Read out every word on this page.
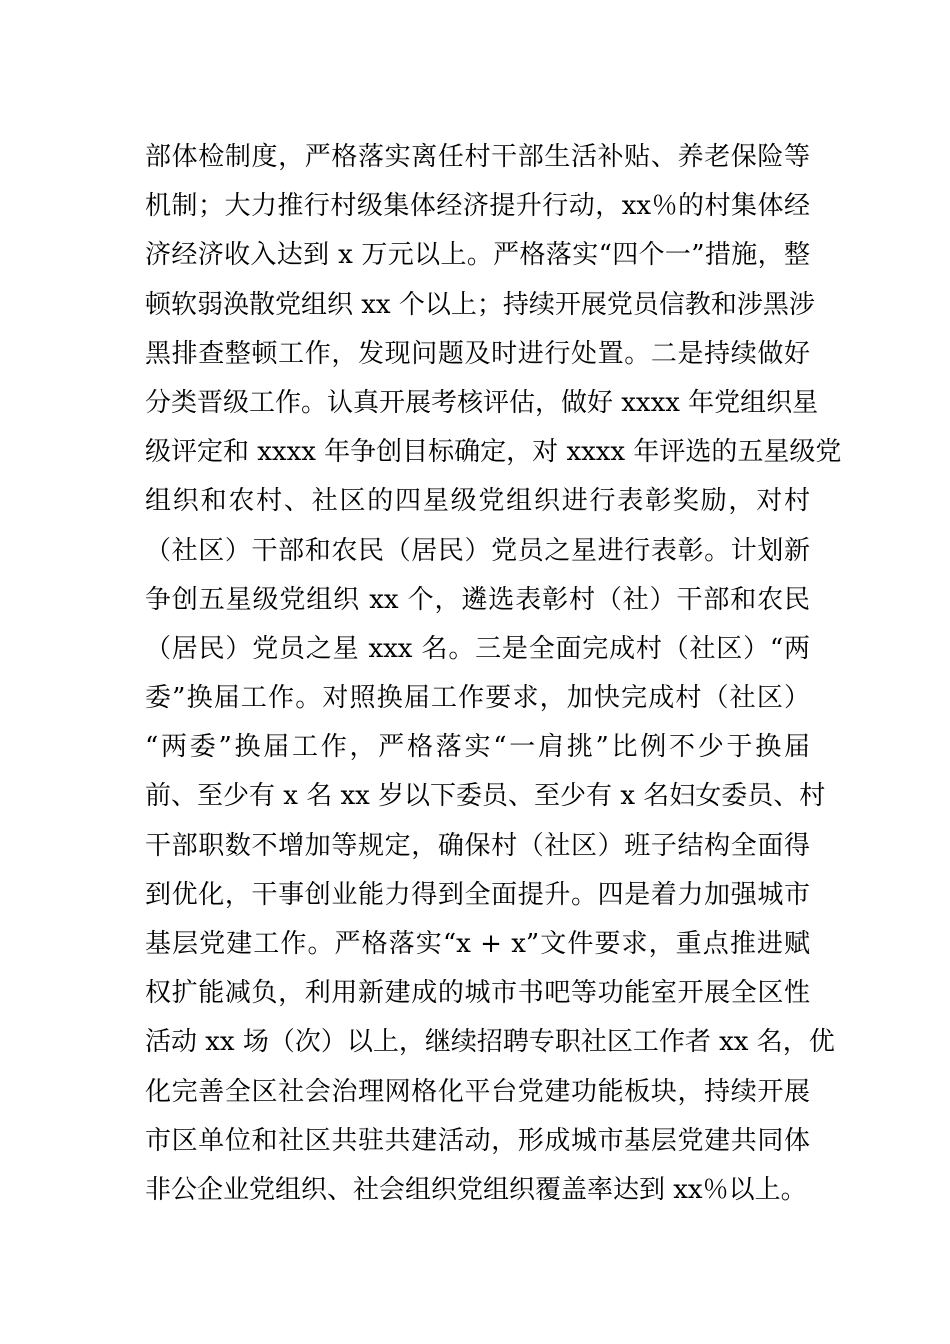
部体检制度，严格落实离任村干部生活补贴、养老保险等
机制；大力推行村级集体经济提升行动，xx％的村集体经
济经济收入达到 x 万元以上。严格落实“四个一”措施，整
顿软弱涣散党组织 xx 个以上；持续开展党员信教和涉黑涉
黑排查整顿工作，发现问题及时进行处置。二是持续做好
分类晋级工作。认真开展考核评估，做好 xxxx 年党组织星
级评定和 xxxx 年争创目标确定，对 xxxx 年评选的五星级党
组织和农村、社区的四星级党组织进行表彰奖励，对村
（社区）干部和农民（居民）党员之星进行表彰。计划新
争创五星级党组织 xx 个，遴选表彰村（社）干部和农民
（居民）党员之星 xxx 名。三是全面完成村（社区）“两
委”换届工作。对照换届工作要求，加快完成村（社区）
“两委”换届工作，严格落实“一肩挑”比例不少于换届
前、至少有 x 名 xx 岁以下委员、至少有 x 名妇女委员、村
干部职数不增加等规定，确保村（社区）班子结构全面得
到优化，干事创业能力得到全面提升。四是着力加强城市
基层党建工作。严格落实“x + x”文件要求，重点推进赋
权扩能减负，利用新建成的城市书吧等功能室开展全区性
活动 xx 场（次）以上，继续招聘专职社区工作者 xx 名，优
化完善全区社会治理网格化平台党建功能板块，持续开展
市区单位和社区共驻共建活动，形成城市基层党建共同体
非公企业党组织、社会组织党组织覆盖率达到 xx％以上。
